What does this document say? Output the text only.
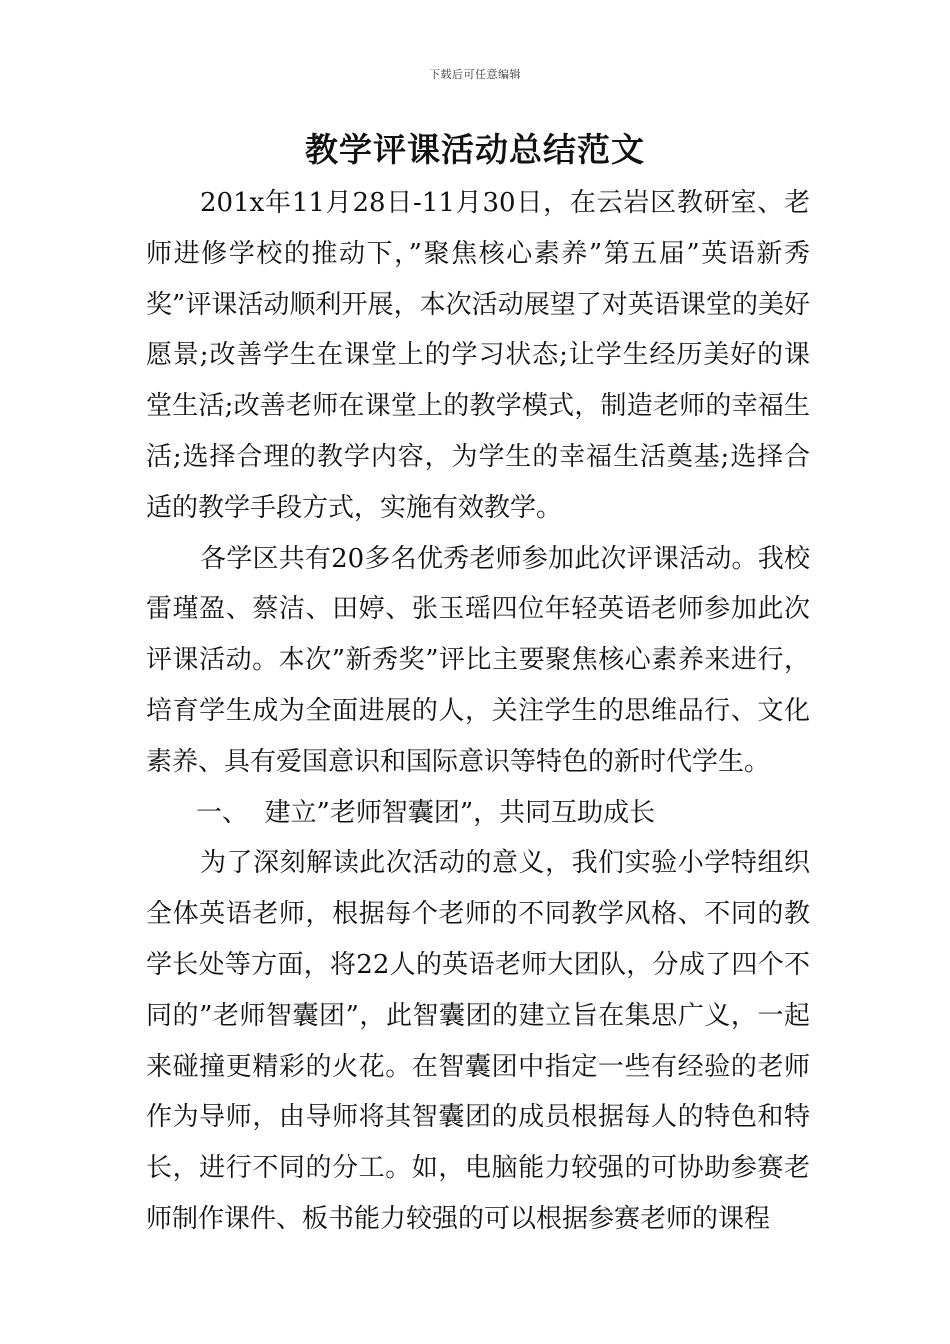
下载后可任意编辑
教学评课活动总结范文

201x年11月28日-11月30日，在云岩区教研室、老师进修学校的推动下，”聚焦核心素养”第五届”英语新秀奖”评课活动顺利开展，本次活动展望了对英语课堂的美好愿景;改善学生在课堂上的学习状态;让学生经历美好的课堂生活;改善老师在课堂上的教学模式，制造老师的幸福生活;选择合理的教学内容，为学生的幸福生活奠基;选择合适的教学手段方式，实施有效教学。

各学区共有20多名优秀老师参加此次评课活动。我校雷瑾盈、蔡洁、田婷、张玉瑶四位年轻英语老师参加此次评课活动。本次”新秀奖”评比主要聚焦核心素养来进行，培育学生成为全面进展的人，关注学生的思维品行、文化素养、具有爱国意识和国际意识等特色的新时代学生。

一、  建立”老师智囊团”，共同互助成长

为了深刻解读此次活动的意义，我们实验小学特组织全体英语老师，根据每个老师的不同教学风格、不同的教学长处等方面，将22人的英语老师大团队，分成了四个不同的”老师智囊团”，此智囊团的建立旨在集思广义，一起来碰撞更精彩的火花。在智囊团中指定一些有经验的老师作为导师，由导师将其智囊团的成员根据每人的特色和特长，进行不同的分工。如，电脑能力较强的可协助参赛老师制作课件、板书能力较强的可以根据参赛老师的课程
